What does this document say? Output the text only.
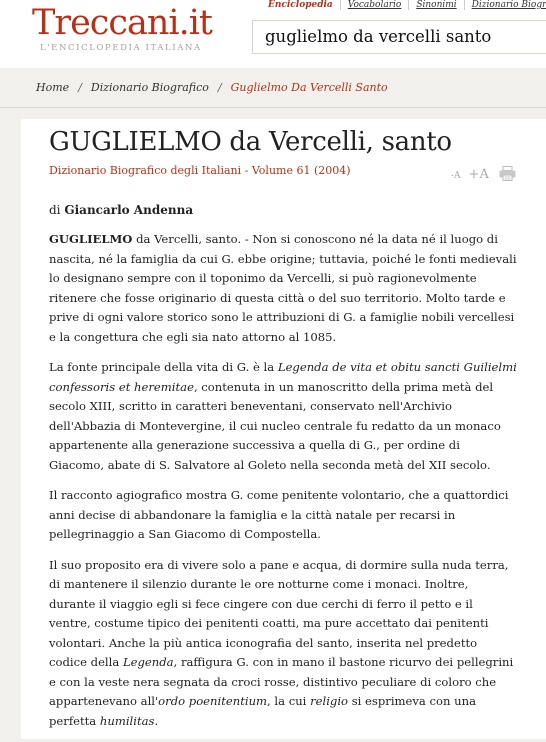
Treccani.it
L'ENCICLOPEDIA ITALIANA
Enciclopedia Vocabolario Sinonimi Dizionario Biogr
guglielmo da vercelli santo
Home / Dizionario Biografico / Guglielmo Da Vercelli Santo
GUGLIELMO da Vercelli, santo
Dizionario Biografico degli Italiani - Volume 61 (2004)	-A +A
di Giancarlo Andenna

GUGLIELMO da Vercelli, santo. - Non si conoscono né la data né il luogo di nascita, né la famiglia da cui G. ebbe origine; tuttavia, poiché le fonti medievali lo designano sempre con il toponimo da Vercelli, si può ragionevolmente ritenere che fosse originario di questa città o del suo territorio. Molto tarde e prive di ogni valore storico sono le attribuzioni di G. a famiglie nobili vercellesi e la congettura che egli sia nato attorno al 1085.

La fonte principale della vita di G. è la Legenda de vita et obitu sancti Guilielmi confessoris et heremitae, contenuta in un manoscritto della prima metà del secolo XIII, scritto in caratteri beneventani, conservato nell'Archivio dell'Abbazia di Montevergine, il cui nucleo centrale fu redatto da un monaco appartenente alla generazione successiva a quella di G., per ordine di Giacomo, abate di S. Salvatore al Goleto nella seconda metà del XII secolo.

Il racconto agiografico mostra G. come penitente volontario, che a quattordici anni decise di abbandonare la famiglia e la città natale per recarsi in pellegrinaggio a San Giacomo di Compostella.

Il suo proposito era di vivere solo a pane e acqua, di dormire sulla nuda terra, di mantenere il silenzio durante le ore notturne come i monaci. Inoltre, durante il viaggio egli si fece cingere con due cerchi di ferro il petto e il ventre, costume tipico dei penitenti coatti, ma pure accettato dai penitenti volontari. Anche la più antica iconografia del santo, inserita nel predetto codice della Legenda, raffigura G. con in mano il bastone ricurvo dei pellegrini e con la veste nera segnata da croci rosse, distintivo peculiare di coloro che appartenevano all'ordo poenitentium, la cui religio si esprimeva con una perfetta humilitas.
